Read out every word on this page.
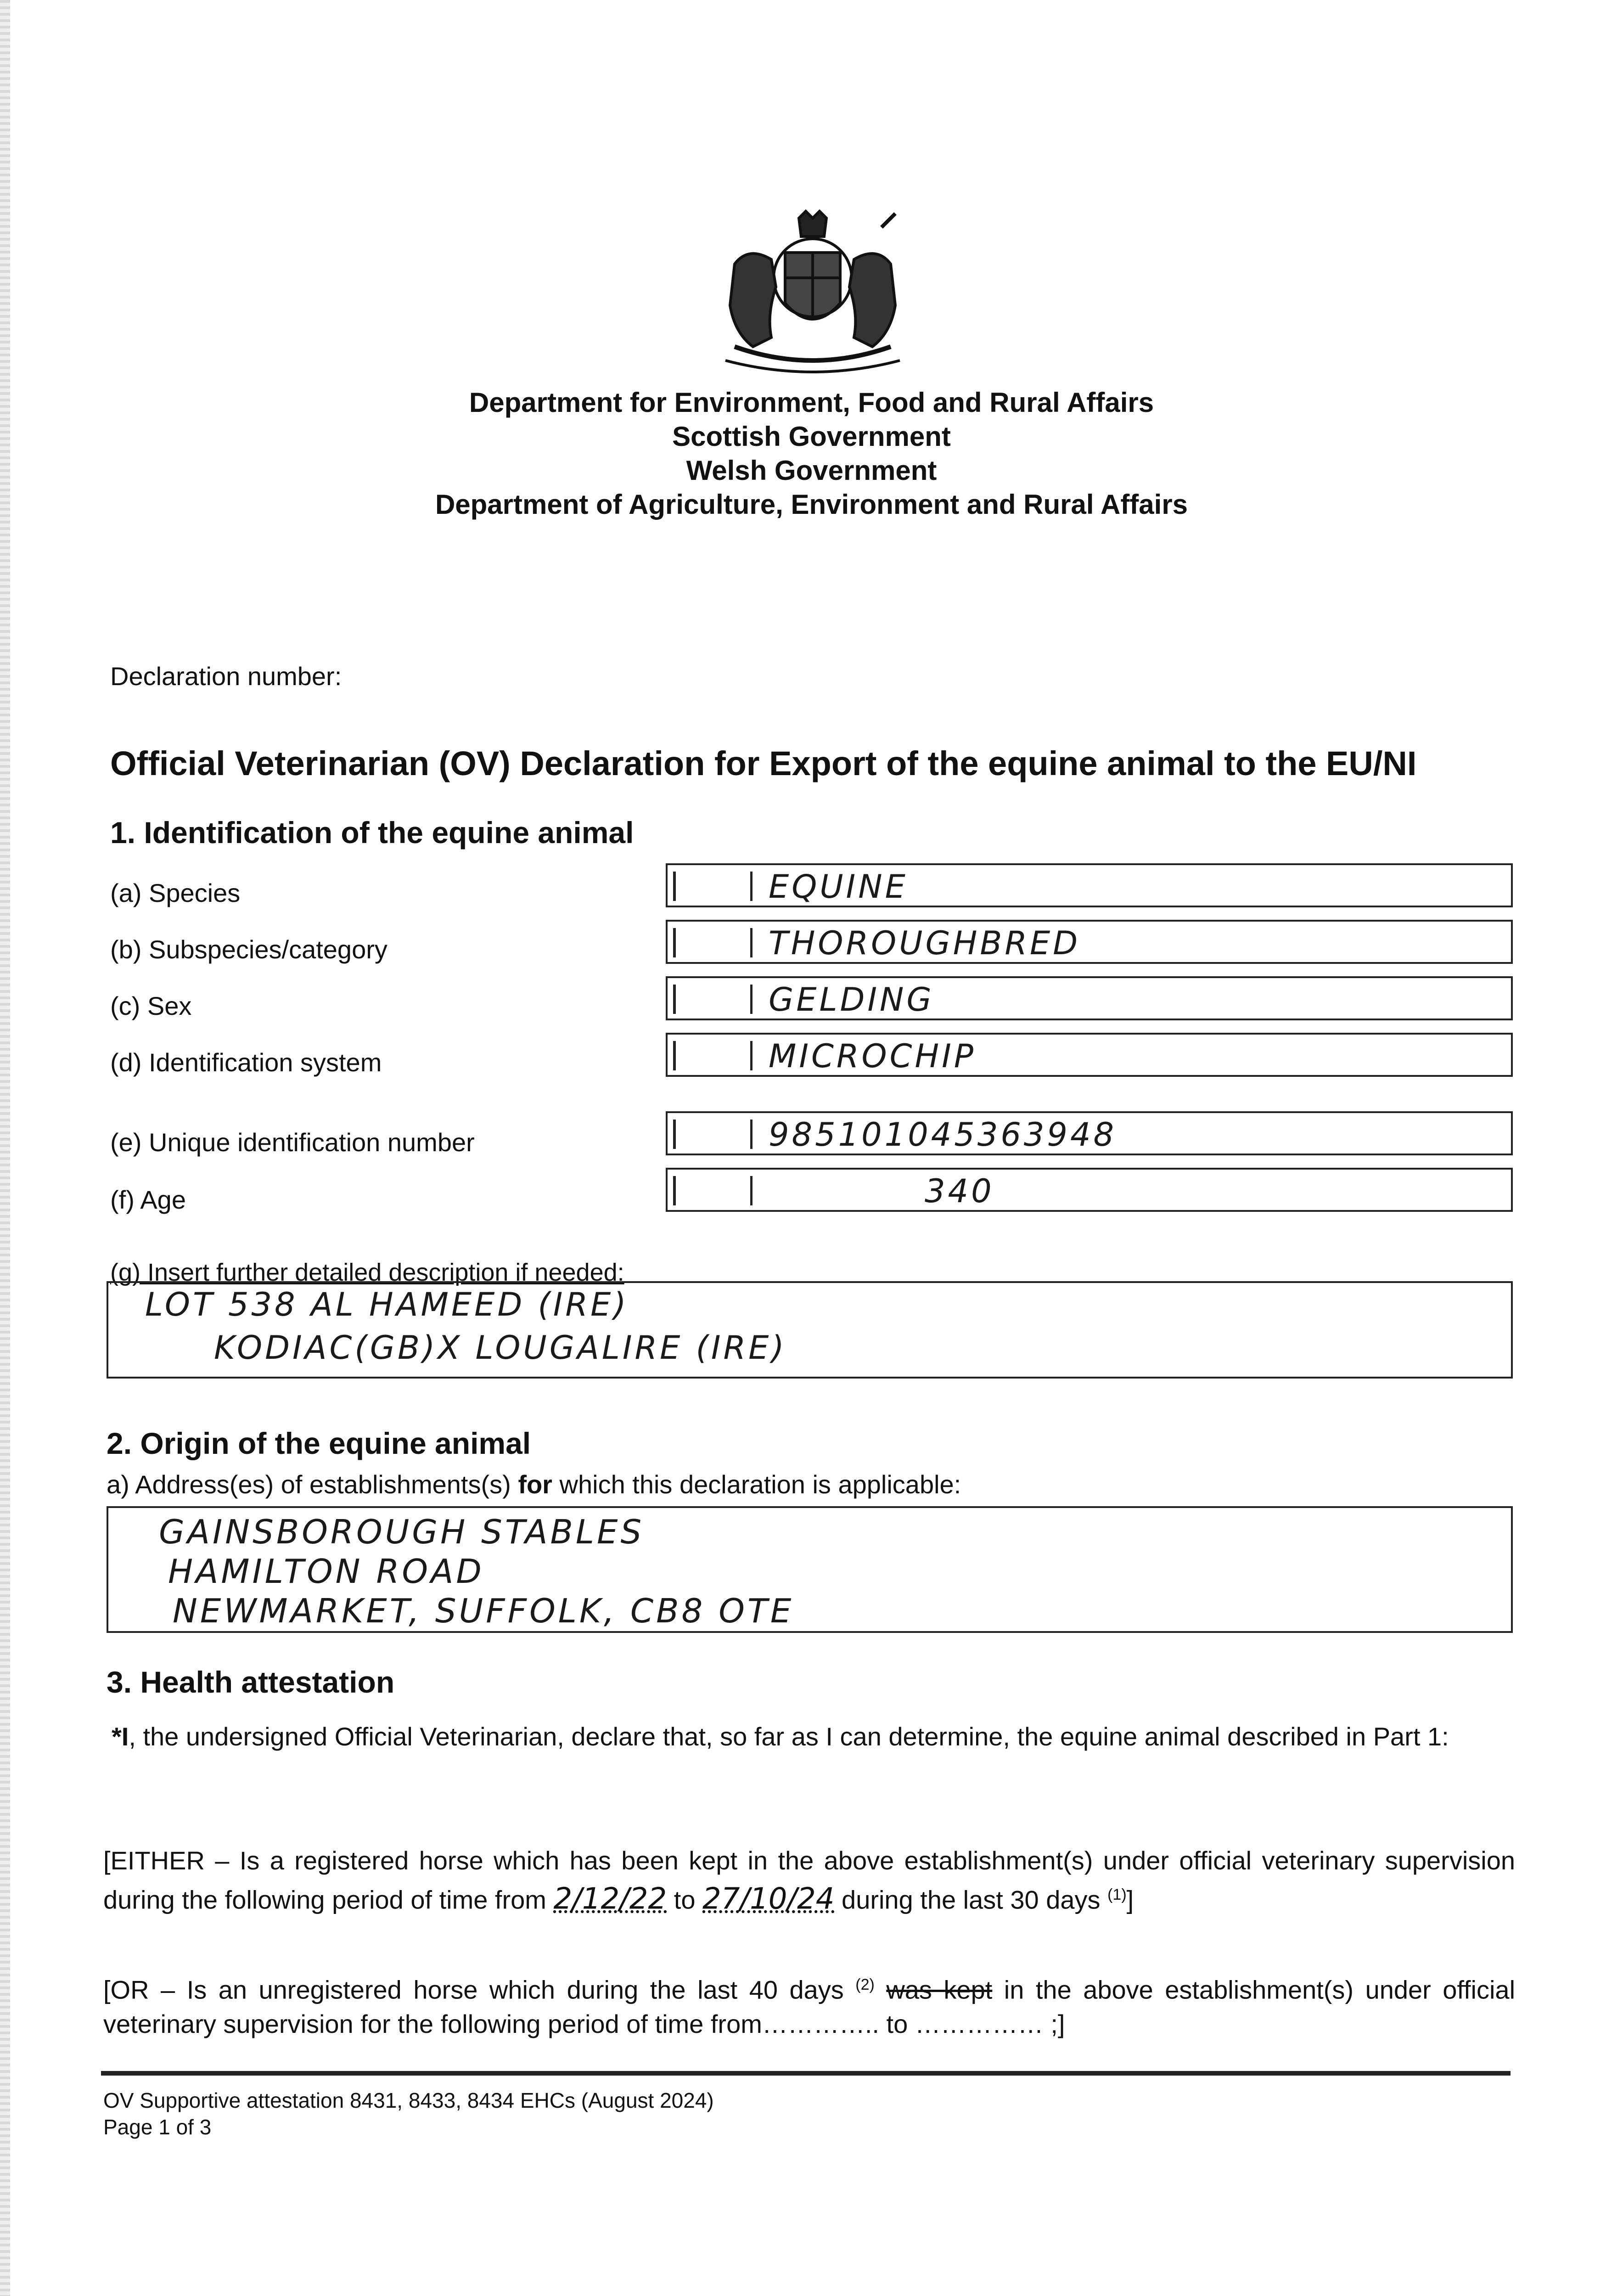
Department for Environment, Food and Rural Affairs
Scottish Government
Welsh Government
Department of Agriculture, Environment and Rural Affairs
Declaration number:
Official Veterinarian (OV) Declaration for Export of the equine animal to the EU/NI
1. Identification of the equine animal
(a) Species	EQUINE
(b) Subspecies/category	THOROUGHBRED
(c) Sex	GELDING
(d) Identification system	MICROCHIP
(e) Unique identification number	985101045363948
(f) Age	340
(g) Insert further detailed description if needed:
LOT 538 AL HAMEED (IRE)
KODIAC(GB)X LOUGALIRE (IRE)
2. Origin of the equine animal
a) Address(es) of establishments(s) for which this declaration is applicable:
GAINSBOROUGH STABLES
HAMILTON ROAD
NEWMARKET, SUFFOLK, CB8 OTE
3. Health attestation
*I, the undersigned Official Veterinarian, declare that, so far as I can determine, the equine animal described in Part 1:
[EITHER – Is a registered horse which has been kept in the above establishment(s) under official veterinary supervision during the following period of time from 2/12/22 to 27/10/24 during the last 30 days $^{(1)}$]
[OR – Is an unregistered horse which during the last 40 days $^{(2)}$ was kept in the above establishment(s) under official veterinary supervision for the following period of time from………….. to …………… ;]
OV Supportive attestation 8431, 8433, 8434 EHCs (August 2024)
Page 1 of 3
